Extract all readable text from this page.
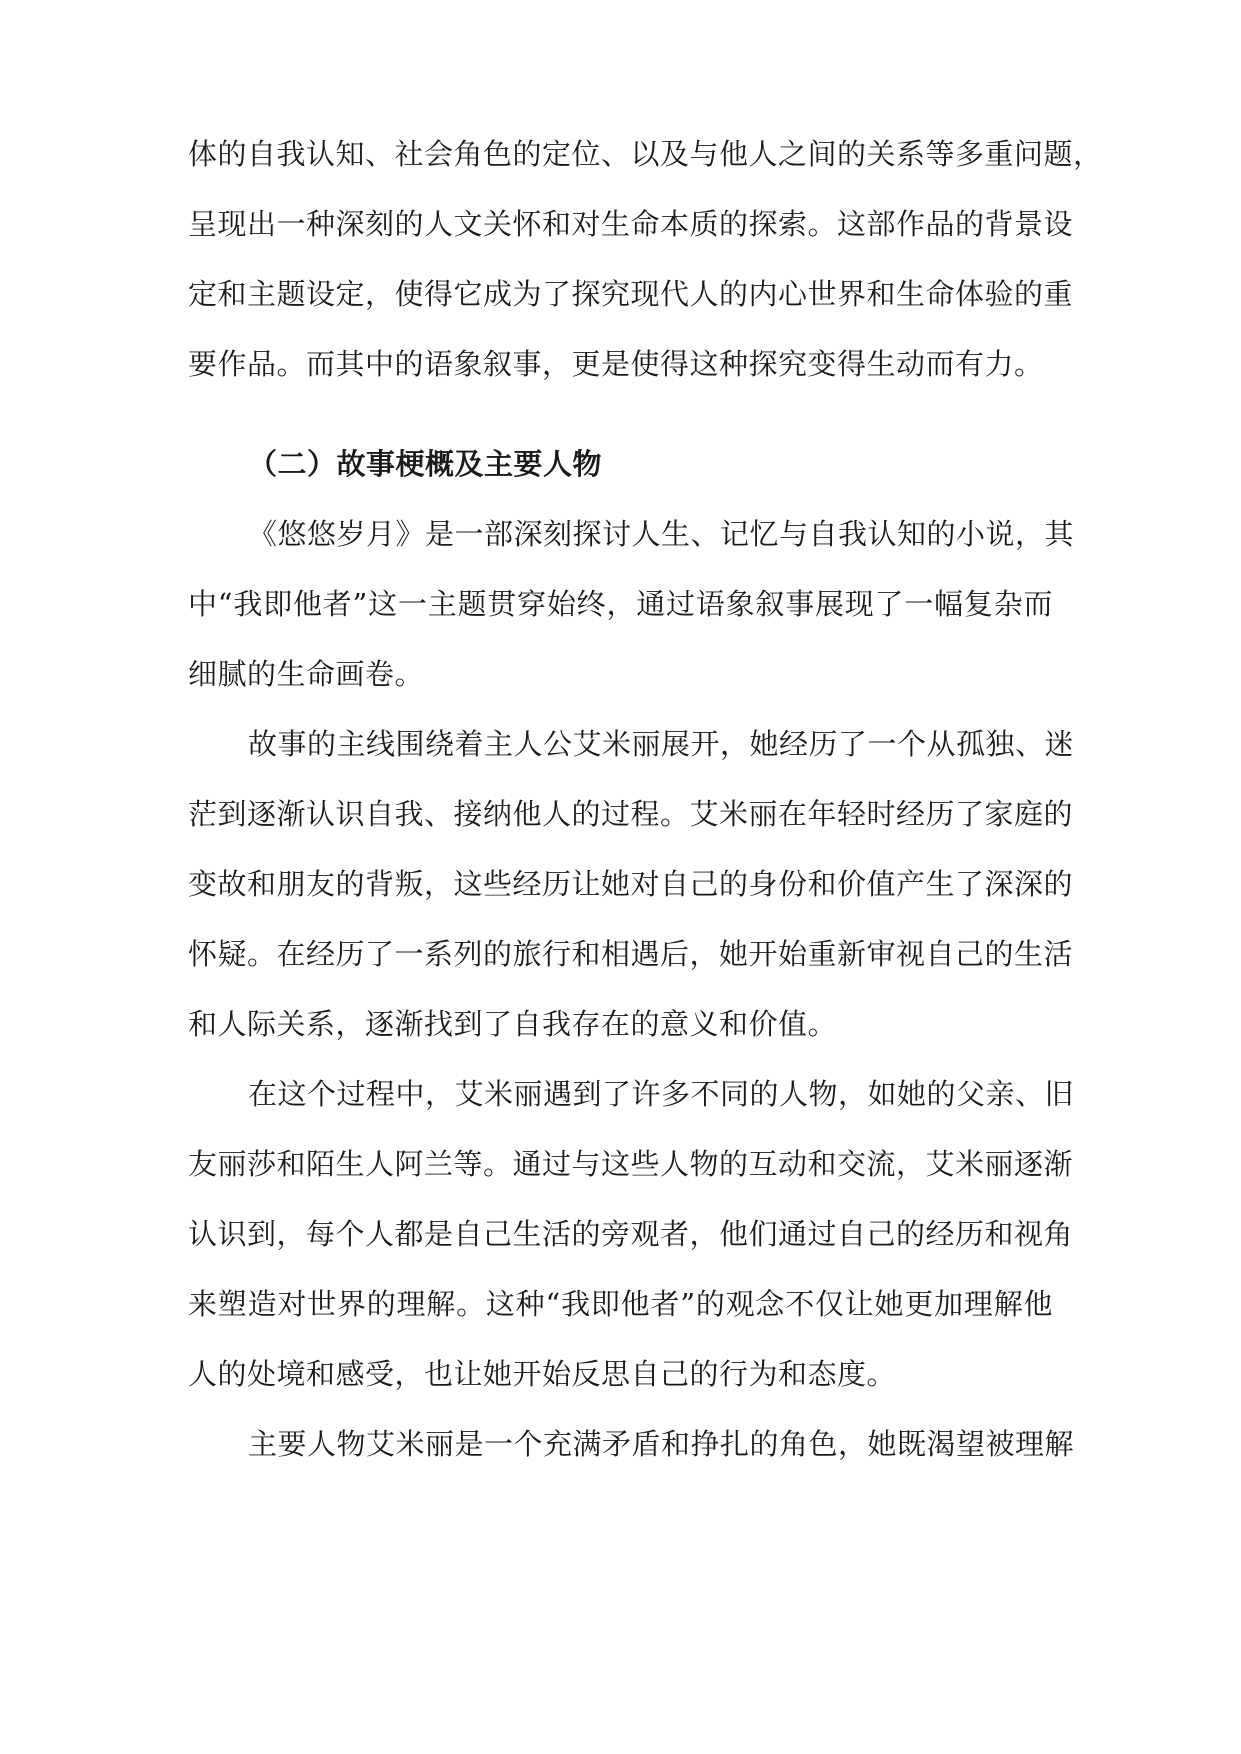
体的自我认知、社会角色的定位、以及与他人之间的关系等多重问题，
呈现出一种深刻的人文关怀和对生命本质的探索。这部作品的背景设
定和主题设定，使得它成为了探究现代人的内心世界和生命体验的重
要作品。而其中的语象叙事，更是使得这种探究变得生动而有力。
（二）故事梗概及主要人物
《悠悠岁月》是一部深刻探讨人生、记忆与自我认知的小说，其
中“我即他者”这一主题贯穿始终，通过语象叙事展现了一幅复杂而
细腻的生命画卷。
故事的主线围绕着主人公艾米丽展开，她经历了一个从孤独、迷
茫到逐渐认识自我、接纳他人的过程。艾米丽在年轻时经历了家庭的
变故和朋友的背叛，这些经历让她对自己的身份和价值产生了深深的
怀疑。在经历了一系列的旅行和相遇后，她开始重新审视自己的生活
和人际关系，逐渐找到了自我存在的意义和价值。
在这个过程中，艾米丽遇到了许多不同的人物，如她的父亲、旧
友丽莎和陌生人阿兰等。通过与这些人物的互动和交流，艾米丽逐渐
认识到，每个人都是自己生活的旁观者，他们通过自己的经历和视角
来塑造对世界的理解。这种“我即他者”的观念不仅让她更加理解他
人的处境和感受，也让她开始反思自己的行为和态度。
主要人物艾米丽是一个充满矛盾和挣扎的角色，她既渴望被理解
